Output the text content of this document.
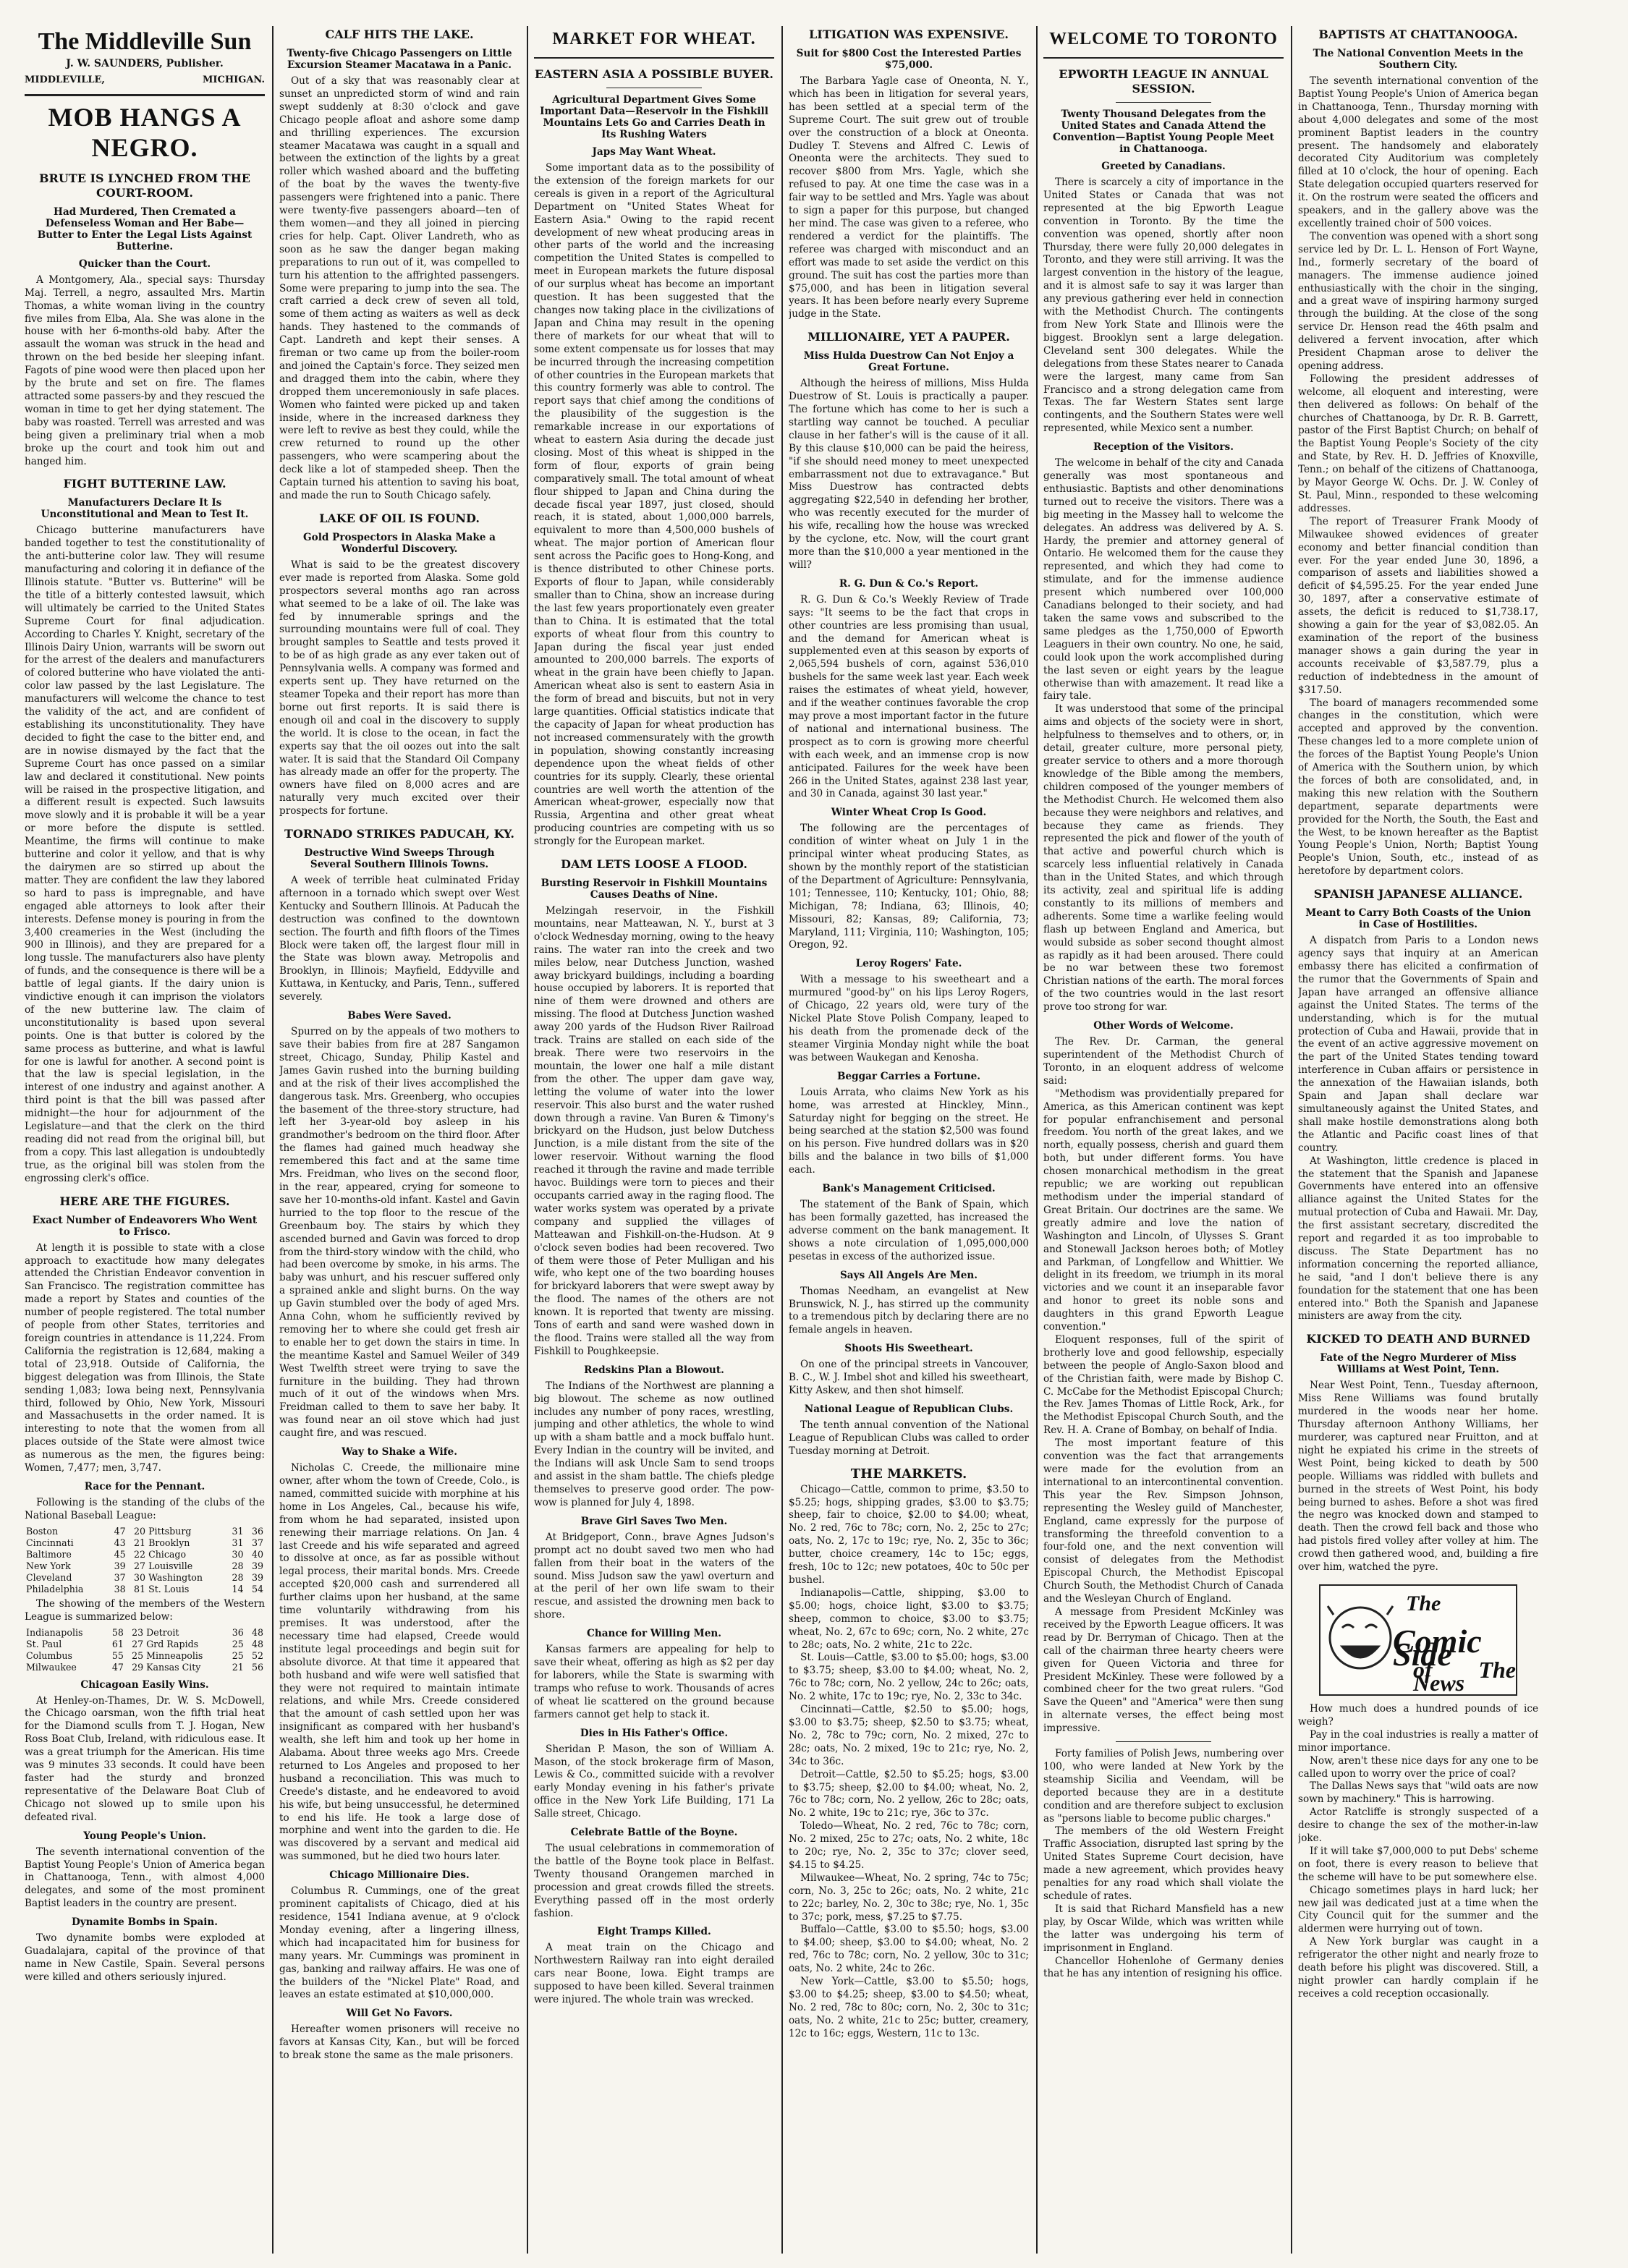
The Middleville Sun
J. W. SAUNDERS, Publisher.
MIDDLEVILLE,	MICHIGAN.
MOB HANGS A NEGRO.
BRUTE IS LYNCHED FROM THE COURT-ROOM.
Had Murdered, Then Cremated a Defenseless Woman and Her Babe—Butter to Enter the Legal Lists Against Butterine.
Quicker than the Court.

A Montgomery, Ala., special says: Thursday Maj. Terrell, a negro, assaulted Mrs. Martin Thomas, a white woman living in the country five miles from Elba, Ala. She was alone in the house with her 6-months-old baby. After the assault the woman was struck in the head and thrown on the bed beside her sleeping infant. Fagots of pine wood were then placed upon her by the brute and set on fire. The flames attracted some passers-by and they rescued the woman in time to get her dying statement. The baby was roasted. Terrell was arrested and was being given a preliminary trial when a mob broke up the court and took him out and hanged him.

FIGHT BUTTERINE LAW.
Manufacturers Declare It Is Unconstitutional and Mean to Test It.

Chicago butterine manufacturers have banded together to test the constitutionality of the anti-butterine color law. They will resume manufacturing and coloring it in defiance of the Illinois statute. "Butter vs. Butterine" will be the title of a bitterly contested lawsuit, which will ultimately be carried to the United States Supreme Court for final adjudication. According to Charles Y. Knight, secretary of the Illinois Dairy Union, warrants will be sworn out for the arrest of the dealers and manufacturers of colored butterine who have violated the anti-color law passed by the last Legislature. The manufacturers will welcome the chance to test the validity of the act, and are confident of establishing its unconstitutionality. They have decided to fight the case to the bitter end, and are in nowise dismayed by the fact that the Supreme Court has once passed on a similar law and declared it constitutional. New points will be raised in the prospective litigation, and a different result is expected. Such lawsuits move slowly and it is probable it will be a year or more before the dispute is settled. Meantime, the firms will continue to make butterine and color it yellow, and that is why the dairymen are so stirred up about the matter. They are confident the law they labored so hard to pass is impregnable, and have engaged able attorneys to look after their interests. Defense money is pouring in from the 3,400 creameries in the West (including the 900 in Illinois), and they are prepared for a long tussle. The manufacturers also have plenty of funds, and the consequence is there will be a battle of legal giants. If the dairy union is vindictive enough it can imprison the violators of the new butterine law. The claim of unconstitutionality is based upon several points. One is that butter is colored by the same process as butterine, and what is lawful for one is lawful for another. A second point is that the law is special legislation, in the interest of one industry and against another. A third point is that the bill was passed after midnight—the hour for adjournment of the Legislature—and that the clerk on the third reading did not read from the original bill, but from a copy. This last allegation is undoubtedly true, as the original bill was stolen from the engrossing clerk's office.

HERE ARE THE FIGURES.
Exact Number of Endeavorers Who Went to Frisco.

At length it is possible to state with a close approach to exactitude how many delegates attended the Christian Endeavor convention in San Francisco. The registration committee has made a report by States and counties of the number of people registered. The total number of people from other States, territories and foreign countries in attendance is 11,224. From California the registration is 12,684, making a total of 23,918. Outside of California, the biggest delegation was from Illinois, the State sending 1,083; Iowa being next, Pennsylvania third, followed by Ohio, New York, Missouri and Massachusetts in the order named. It is interesting to note that the women from all places outside of the State were almost twice as numerous as the men, the figures being: Women, 7,477; men, 3,747.

Race for the Pennant.

Following is the standing of the clubs of the National Baseball League:

Boston	47	20	Pittsburg	31	36
Cincinnati	43	21	Brooklyn	31	37
Baltimore	45	22	Chicago	30	40
New York	39	27	Louisville	28	39
Cleveland	37	30	Washington	28	39
Philadelphia	38	81	St. Louis	14	54

The showing of the members of the Western League is summarized below:

Indianapolis	58	23	Detroit	36	48
St. Paul	61	27	Grd Rapids	25	48
Columbus	55	25	Minneapolis	25	52
Milwaukee	47	29	Kansas City	21	56
Chicagoan Easily Wins.

At Henley-on-Thames, Dr. W. S. McDowell, the Chicago oarsman, won the fifth trial heat for the Diamond sculls from T. J. Hogan, New Ross Boat Club, Ireland, with ridiculous ease. It was a great triumph for the American. His time was 9 minutes 33 seconds. It could have been faster had the sturdy and bronzed representative of the Delaware Boat Club of Chicago not slowed up to smile upon his defeated rival.

Young People's Union.

The seventh international convention of the Baptist Young People's Union of America began in Chattanooga, Tenn., with almost 4,000 delegates, and some of the most prominent Baptist leaders in the country are present.

Dynamite Bombs in Spain.

Two dynamite bombs were exploded at Guadalajara, capital of the province of that name in New Castile, Spain. Several persons were killed and others seriously injured.

CALF HITS THE LAKE.
Twenty-five Chicago Passengers on Little Excursion Steamer Macatawa in a Panic.

Out of a sky that was reasonably clear at sunset an unpredicted storm of wind and rain swept suddenly at 8:30 o'clock and gave Chicago people afloat and ashore some damp and thrilling experiences. The excursion steamer Macatawa was caught in a squall and between the extinction of the lights by a great roller which washed aboard and the buffeting of the boat by the waves the twenty-five passengers were frightened into a panic. There were twenty-five passengers aboard—ten of them women—and they all joined in piercing cries for help. Capt. Oliver Landreth, who as soon as he saw the danger began making preparations to run out of it, was compelled to turn his attention to the affrighted passengers. Some were preparing to jump into the sea. The craft carried a deck crew of seven all told, some of them acting as waiters as well as deck hands. They hastened to the commands of Capt. Landreth and kept their senses. A fireman or two came up from the boiler-room and joined the Captain's force. They seized men and dragged them into the cabin, where they dropped them unceremoniously in safe places. Women who fainted were picked up and taken inside, where in the increased darkness they were left to revive as best they could, while the crew returned to round up the other passengers, who were scampering about the deck like a lot of stampeded sheep. Then the Captain turned his attention to saving his boat, and made the run to South Chicago safely.

LAKE OF OIL IS FOUND.
Gold Prospectors in Alaska Make a Wonderful Discovery.

What is said to be the greatest discovery ever made is reported from Alaska. Some gold prospectors several months ago ran across what seemed to be a lake of oil. The lake was fed by innumerable springs and the surrounding mountains were full of coal. They brought samples to Seattle and tests proved it to be of as high grade as any ever taken out of Pennsylvania wells. A company was formed and experts sent up. They have returned on the steamer Topeka and their report has more than borne out first reports. It is said there is enough oil and coal in the discovery to supply the world. It is close to the ocean, in fact the experts say that the oil oozes out into the salt water. It is said that the Standard Oil Company has already made an offer for the property. The owners have filed on 8,000 acres and are naturally very much excited over their prospects for fortune.

TORNADO STRIKES PADUCAH, KY.
Destructive Wind Sweeps Through Several Southern Illinois Towns.

A week of terrible heat culminated Friday afternoon in a tornado which swept over West Kentucky and Southern Illinois. At Paducah the destruction was confined to the downtown section. The fourth and fifth floors of the Times Block were taken off, the largest flour mill in the State was blown away. Metropolis and Brooklyn, in Illinois; Mayfield, Eddyville and Kuttawa, in Kentucky, and Paris, Tenn., suffered severely.

Babes Were Saved.

Spurred on by the appeals of two mothers to save their babies from fire at 287 Sangamon street, Chicago, Sunday, Philip Kastel and James Gavin rushed into the burning building and at the risk of their lives accomplished the dangerous task. Mrs. Greenberg, who occupies the basement of the three-story structure, had left her 3-year-old boy asleep in his grandmother's bedroom on the third floor. After the flames had gained much headway she remembered this fact and at the same time Mrs. Freidman, who lives on the second floor, in the rear, appeared, crying for someone to save her 10-months-old infant. Kastel and Gavin hurried to the top floor to the rescue of the Greenbaum boy. The stairs by which they ascended burned and Gavin was forced to drop from the third-story window with the child, who had been overcome by smoke, in his arms. The baby was unhurt, and his rescuer suffered only a sprained ankle and slight burns. On the way up Gavin stumbled over the body of aged Mrs. Anna Cohn, whom he sufficiently revived by removing her to where she could get fresh air to enable her to get down the stairs in time. In the meantime Kastel and Samuel Weiler of 349 West Twelfth street were trying to save the furniture in the building. They had thrown much of it out of the windows when Mrs. Freidman called to them to save her baby. It was found near an oil stove which had just caught fire, and was rescued.

Way to Shake a Wife.

Nicholas C. Creede, the millionaire mine owner, after whom the town of Creede, Colo., is named, committed suicide with morphine at his home in Los Angeles, Cal., because his wife, from whom he had separated, insisted upon renewing their marriage relations. On Jan. 4 last Creede and his wife separated and agreed to dissolve at once, as far as possible without legal process, their marital bonds. Mrs. Creede accepted $20,000 cash and surrendered all further claims upon her husband, at the same time voluntarily withdrawing from his premises. It was understood, after the necessary time had elapsed, Creede would institute legal proceedings and begin suit for absolute divorce. At that time it appeared that both husband and wife were well satisfied that they were not required to maintain intimate relations, and while Mrs. Creede considered that the amount of cash settled upon her was insignificant as compared with her husband's wealth, she left him and took up her home in Alabama. About three weeks ago Mrs. Creede returned to Los Angeles and proposed to her husband a reconciliation. This was much to Creede's distaste, and he endeavored to avoid his wife, but being unsuccessful, he determined to end his life. He took a large dose of morphine and went into the garden to die. He was discovered by a servant and medical aid was summoned, but he died two hours later.

Chicago Millionaire Dies.

Columbus R. Cummings, one of the great prominent capitalists of Chicago, died at his residence, 1541 Indiana avenue, at 9 o'clock Monday evening, after a lingering illness, which had incapacitated him for business for many years. Mr. Cummings was prominent in gas, banking and railway affairs. He was one of the builders of the "Nickel Plate" Road, and leaves an estate estimated at $10,000,000.

Will Get No Favors.

Hereafter women prisoners will receive no favors at Kansas City, Kan., but will be forced to break stone the same as the male prisoners.

MARKET FOR WHEAT.
EASTERN ASIA A POSSIBLE BUYER.
Agricultural Department Gives Some Important Data—Reservoir in the Fishkill Mountains Lets Go and Carries Death in Its Rushing Waters
Japs May Want Wheat.

Some important data as to the possibility of the extension of the foreign markets for our cereals is given in a report of the Agricultural Department on "United States Wheat for Eastern Asia." Owing to the rapid recent development of new wheat producing areas in other parts of the world and the increasing competition the United States is compelled to meet in European markets the future disposal of our surplus wheat has become an important question. It has been suggested that the changes now taking place in the civilizations of Japan and China may result in the opening there of markets for our wheat that will to some extent compensate us for losses that may be incurred through the increasing competition of other countries in the European markets that this country formerly was able to control. The report says that chief among the conditions of the plausibility of the suggestion is the remarkable increase in our exportations of wheat to eastern Asia during the decade just closing. Most of this wheat is shipped in the form of flour, exports of grain being comparatively small. The total amount of wheat flour shipped to Japan and China during the decade fiscal year 1897, just closed, should reach, it is stated, about 1,000,000 barrels, equivalent to more than 4,500,000 bushels of wheat. The major portion of American flour sent across the Pacific goes to Hong-Kong, and is thence distributed to other Chinese ports. Exports of flour to Japan, while considerably smaller than to China, show an increase during the last few years proportionately even greater than to China. It is estimated that the total exports of wheat flour from this country to Japan during the fiscal year just ended amounted to 200,000 barrels. The exports of wheat in the grain have been chiefly to Japan. American wheat also is sent to eastern Asia in the form of bread and biscuits, but not in very large quantities. Official statistics indicate that the capacity of Japan for wheat production has not increased commensurately with the growth in population, showing constantly increasing dependence upon the wheat fields of other countries for its supply. Clearly, these oriental countries are well worth the attention of the American wheat-grower, especially now that Russia, Argentina and other great wheat producing countries are competing with us so strongly for the European market.

DAM LETS LOOSE A FLOOD.
Bursting Reservoir in Fishkill Mountains Causes Deaths of Nine.

Melzingah reservoir, in the Fishkill mountains, near Matteawan, N. Y., burst at 3 o'clock Wednesday morning, owing to the heavy rains. The water ran into the creek and two miles below, near Dutchess Junction, washed away brickyard buildings, including a boarding house occupied by laborers. It is reported that nine of them were drowned and others are missing. The flood at Dutchess Junction washed away 200 yards of the Hudson River Railroad track. Trains are stalled on each side of the break. There were two reservoirs in the mountain, the lower one half a mile distant from the other. The upper dam gave way, letting the volume of water into the lower reservoir. This also burst and the water rushed down through a ravine. Van Buren & Timony's brickyard on the Hudson, just below Dutchess Junction, is a mile distant from the site of the lower reservoir. Without warning the flood reached it through the ravine and made terrible havoc. Buildings were torn to pieces and their occupants carried away in the raging flood. The water works system was operated by a private company and supplied the villages of Matteawan and Fishkill-on-the-Hudson. At 9 o'clock seven bodies had been recovered. Two of them were those of Peter Mulligan and his wife, who kept one of the two boarding houses for brickyard laborers that were swept away by the flood. The names of the others are not known. It is reported that twenty are missing. Tons of earth and sand were washed down in the flood. Trains were stalled all the way from Fishkill to Poughkeepsie.

Redskins Plan a Blowout.

The Indians of the Northwest are planning a big blowout. The scheme as now outlined includes any number of pony races, wrestling, jumping and other athletics, the whole to wind up with a sham battle and a mock buffalo hunt. Every Indian in the country will be invited, and the Indians will ask Uncle Sam to send troops and assist in the sham battle. The chiefs pledge themselves to preserve good order. The pow-wow is planned for July 4, 1898.

Brave Girl Saves Two Men.

At Bridgeport, Conn., brave Agnes Judson's prompt act no doubt saved two men who had fallen from their boat in the waters of the sound. Miss Judson saw the yawl overturn and at the peril of her own life swam to their rescue, and assisted the drowning men back to shore.

Chance for Willing Men.

Kansas farmers are appealing for help to save their wheat, offering as high as $2 per day for laborers, while the State is swarming with tramps who refuse to work. Thousands of acres of wheat lie scattered on the ground because farmers cannot get help to stack it.

Dies in His Father's Office.

Sheridan P. Mason, the son of William A. Mason, of the stock brokerage firm of Mason, Lewis & Co., committed suicide with a revolver early Monday evening in his father's private office in the New York Life Building, 171 La Salle street, Chicago.

Celebrate Battle of the Boyne.

The usual celebrations in commemoration of the battle of the Boyne took place in Belfast. Twenty thousand Orangemen marched in procession and great crowds filled the streets. Everything passed off in the most orderly fashion.

Eight Tramps Killed.

A meat train on the Chicago and Northwestern Railway ran into eight derailed cars near Boone, Iowa. Eight tramps are supposed to have been killed. Several trainmen were injured. The whole train was wrecked.

LITIGATION WAS EXPENSIVE.
Suit for $800 Cost the Interested Parties $75,000.

The Barbara Yagle case of Oneonta, N. Y., which has been in litigation for several years, has been settled at a special term of the Supreme Court. The suit grew out of trouble over the construction of a block at Oneonta. Dudley T. Stevens and Alfred C. Lewis of Oneonta were the architects. They sued to recover $800 from Mrs. Yagle, which she refused to pay. At one time the case was in a fair way to be settled and Mrs. Yagle was about to sign a paper for this purpose, but changed her mind. The case was given to a referee, who rendered a verdict for the plaintiffs. The referee was charged with misconduct and an effort was made to set aside the verdict on this ground. The suit has cost the parties more than $75,000, and has been in litigation several years. It has been before nearly every Supreme judge in the State.

MILLIONAIRE, YET A PAUPER.
Miss Hulda Duestrow Can Not Enjoy a Great Fortune.

Although the heiress of millions, Miss Hulda Duestrow of St. Louis is practically a pauper. The fortune which has come to her is such a startling way cannot be touched. A peculiar clause in her father's will is the cause of it all. By this clause $10,000 can be paid the heiress, "if she should need money to meet unexpected embarrassment not due to extravagance." But Miss Duestrow has contracted debts aggregating $22,540 in defending her brother, who was recently executed for the murder of his wife, recalling how the house was wrecked by the cyclone, etc. Now, will the court grant more than the $10,000 a year mentioned in the will?

R. G. Dun & Co.'s Report.

R. G. Dun & Co.'s Weekly Review of Trade says: "It seems to be the fact that crops in other countries are less promising than usual, and the demand for American wheat is supplemented even at this season by exports of 2,065,594 bushels of corn, against 536,010 bushels for the same week last year. Each week raises the estimates of wheat yield, however, and if the weather continues favorable the crop may prove a most important factor in the future of national and international business. The prospect as to corn is growing more cheerful with each week, and an immense crop is now anticipated. Failures for the week have been 266 in the United States, against 238 last year, and 30 in Canada, against 30 last year."

Winter Wheat Crop Is Good.

The following are the percentages of condition of winter wheat on July 1 in the principal winter wheat producing States, as shown by the monthly report of the statistician of the Department of Agriculture: Pennsylvania, 101; Tennessee, 110; Kentucky, 101; Ohio, 88; Michigan, 78; Indiana, 63; Illinois, 40; Missouri, 82; Kansas, 89; California, 73; Maryland, 111; Virginia, 110; Washington, 105; Oregon, 92.

Leroy Rogers' Fate.

With a message to his sweetheart and a murmured "good-by" on his lips Leroy Rogers, of Chicago, 22 years old, were tury of the Nickel Plate Stove Polish Company, leaped to his death from the promenade deck of the steamer Virginia Monday night while the boat was between Waukegan and Kenosha.

Beggar Carries a Fortune.

Louis Arrata, who claims New York as his home, was arrested at Hinckley, Minn., Saturday night for begging on the street. He being searched at the station $2,500 was found on his person. Five hundred dollars was in $20 bills and the balance in two bills of $1,000 each.

Bank's Management Criticised.

The statement of the Bank of Spain, which has been formally gazetted, has increased the adverse comment on the bank management. It shows a note circulation of 1,095,000,000 pesetas in excess of the authorized issue.

Says All Angels Are Men.

Thomas Needham, an evangelist at New Brunswick, N. J., has stirred up the community to a tremendous pitch by declaring there are no female angels in heaven.

Shoots His Sweetheart.

On one of the principal streets in Vancouver, B. C., W. J. Imbel shot and killed his sweetheart, Kitty Askew, and then shot himself.

National League of Republican Clubs.

The tenth annual convention of the National League of Republican Clubs was called to order Tuesday morning at Detroit.

THE MARKETS.

Chicago—Cattle, common to prime, $3.50 to $5.25; hogs, shipping grades, $3.00 to $3.75; sheep, fair to choice, $2.00 to $4.00; wheat, No. 2 red, 76c to 78c; corn, No. 2, 25c to 27c; oats, No. 2, 17c to 19c; rye, No. 2, 35c to 36c; butter, choice creamery, 14c to 15c; eggs, fresh, 10c to 12c; new potatoes, 40c to 50c per bushel.

Indianapolis—Cattle, shipping, $3.00 to $5.00; hogs, choice light, $3.00 to $3.75; sheep, common to choice, $3.00 to $3.75; wheat, No. 2, 67c to 69c; corn, No. 2 white, 27c to 28c; oats, No. 2 white, 21c to 22c.

St. Louis—Cattle, $3.00 to $5.00; hogs, $3.00 to $3.75; sheep, $3.00 to $4.00; wheat, No. 2, 76c to 78c; corn, No. 2 yellow, 24c to 26c; oats, No. 2 white, 17c to 19c; rye, No. 2, 33c to 34c.

Cincinnati—Cattle, $2.50 to $5.00; hogs, $3.00 to $3.75; sheep, $2.50 to $3.75; wheat, No. 2, 78c to 79c; corn, No. 2 mixed, 27c to 28c; oats, No. 2 mixed, 19c to 21c; rye, No. 2, 34c to 36c.

Detroit—Cattle, $2.50 to $5.25; hogs, $3.00 to $3.75; sheep, $2.00 to $4.00; wheat, No. 2, 76c to 78c; corn, No. 2 yellow, 26c to 28c; oats, No. 2 white, 19c to 21c; rye, 36c to 37c.

Toledo—Wheat, No. 2 red, 76c to 78c; corn, No. 2 mixed, 25c to 27c; oats, No. 2 white, 18c to 20c; rye, No. 2, 35c to 37c; clover seed, $4.15 to $4.25.

Milwaukee—Wheat, No. 2 spring, 74c to 75c; corn, No. 3, 25c to 26c; oats, No. 2 white, 21c to 22c; barley, No. 2, 30c to 38c; rye, No. 1, 35c to 37c; pork, mess, $7.25 to $7.75.

Buffalo—Cattle, $3.00 to $5.50; hogs, $3.00 to $4.00; sheep, $3.00 to $4.00; wheat, No. 2 red, 76c to 78c; corn, No. 2 yellow, 30c to 31c; oats, No. 2 white, 24c to 26c.

New York—Cattle, $3.00 to $5.50; hogs, $3.00 to $4.25; sheep, $3.00 to $4.50; wheat, No. 2 red, 78c to 80c; corn, No. 2, 30c to 31c; oats, No. 2 white, 21c to 25c; butter, creamery, 12c to 16c; eggs, Western, 11c to 13c.

WELCOME TO TORONTO
EPWORTH LEAGUE IN ANNUAL SESSION.
Twenty Thousand Delegates from the United States and Canada Attend the Convention—Baptist Young People Meet in Chattanooga.
Greeted by Canadians.

There is scarcely a city of importance in the United States or Canada that was not represented at the big Epworth League convention in Toronto. By the time the convention was opened, shortly after noon Thursday, there were fully 20,000 delegates in Toronto, and they were still arriving. It was the largest convention in the history of the league, and it is almost safe to say it was larger than any previous gathering ever held in connection with the Methodist Church. The contingents from New York State and Illinois were the biggest. Brooklyn sent a large delegation. Cleveland sent 300 delegates. While the delegations from these States nearer to Canada were the largest, many came from San Francisco and a strong delegation came from Texas. The far Western States sent large contingents, and the Southern States were well represented, while Mexico sent a number.

Reception of the Visitors.

The welcome in behalf of the city and Canada generally was most spontaneous and enthusiastic. Baptists and other denominations turned out to receive the visitors. There was a big meeting in the Massey hall to welcome the delegates. An address was delivered by A. S. Hardy, the premier and attorney general of Ontario. He welcomed them for the cause they represented, and which they had come to stimulate, and for the immense audience present which numbered over 100,000 Canadians belonged to their society, and had taken the same vows and subscribed to the same pledges as the 1,750,000 of Epworth Leaguers in their own country. No one, he said, could look upon the work accomplished during the last seven or eight years by the league otherwise than with amazement. It read like a fairy tale.

It was understood that some of the principal aims and objects of the society were in short, helpfulness to themselves and to others, or, in detail, greater culture, more personal piety, greater service to others and a more thorough knowledge of the Bible among the members, children composed of the younger members of the Methodist Church. He welcomed them also because they were neighbors and relatives, and because they came as friends. They represented the pick and flower of the youth of that active and powerful church which is scarcely less influential relatively in Canada than in the United States, and which through its activity, zeal and spiritual life is adding constantly to its millions of members and adherents. Some time a warlike feeling would flash up between England and America, but would subside as sober second thought almost as rapidly as it had been aroused. There could be no war between these two foremost Christian nations of the earth. The moral forces of the two countries would in the last resort prove too strong for war.

Other Words of Welcome.

The Rev. Dr. Carman, the general superintendent of the Methodist Church of Toronto, in an eloquent address of welcome said:

"Methodism was providentially prepared for America, as this American continent was kept for popular enfranchisement and personal freedom. You north of the great lakes, and we north, equally possess, cherish and guard them both, but under different forms. You have chosen monarchical methodism in the great republic; we are working out republican methodism under the imperial standard of Great Britain. Our doctrines are the same. We greatly admire and love the nation of Washington and Lincoln, of Ulysses S. Grant and Stonewall Jackson heroes both; of Motley and Parkman, of Longfellow and Whittier. We delight in its freedom, we triumph in its moral victories and we count it an inseparable favor and honor to greet its noble sons and daughters in this grand Epworth League convention."

Eloquent responses, full of the spirit of brotherly love and good fellowship, especially between the people of Anglo-Saxon blood and of the Christian faith, were made by Bishop C. C. McCabe for the Methodist Episcopal Church; the Rev. James Thomas of Little Rock, Ark., for the Methodist Episcopal Church South, and the Rev. H. A. Crane of Bombay, on behalf of India.

The most important feature of this convention was the fact that arrangements were made for the evolution from an international to an intercontinental convention. This year the Rev. Simpson Johnson, representing the Wesley guild of Manchester, England, came expressly for the purpose of transforming the threefold convention to a four-fold one, and the next convention will consist of delegates from the Methodist Episcopal Church, the Methodist Episcopal Church South, the Methodist Church of Canada and the Wesleyan Church of England.

A message from President McKinley was received by the Epworth League officers. It was read by Dr. Berryman of Chicago. Then at the call of the chairman three hearty cheers were given for Queen Victoria and three for President McKinley. These were followed by a combined cheer for the two great rulers. "God Save the Queen" and "America" were then sung in alternate verses, the effect being most impressive.

Forty families of Polish Jews, numbering over 100, who were landed at New York by the steamship Sicilia and Veendam, will be deported because they are in a destitute condition and are therefore subject to exclusion as "persons liable to become public charges."

The members of the old Western Freight Traffic Association, disrupted last spring by the United States Supreme Court decision, have made a new agreement, which provides heavy penalties for any road which shall violate the schedule of rates.

It is said that Richard Mansfield has a new play, by Oscar Wilde, which was written while the latter was undergoing his term of imprisonment in England.

Chancellor Hohenlohe of Germany denies that he has any intention of resigning his office.

BAPTISTS AT CHATTANOOGA.
The National Convention Meets in the Southern City.

The seventh international convention of the Baptist Young People's Union of America began in Chattanooga, Tenn., Thursday morning with about 4,000 delegates and some of the most prominent Baptist leaders in the country present. The handsomely and elaborately decorated City Auditorium was completely filled at 10 o'clock, the hour of opening. Each State delegation occupied quarters reserved for it. On the rostrum were seated the officers and speakers, and in the gallery above was the excellently trained choir of 500 voices.

The convention was opened with a short song service led by Dr. L. L. Henson of Fort Wayne, Ind., formerly secretary of the board of managers. The immense audience joined enthusiastically with the choir in the singing, and a great wave of inspiring harmony surged through the building. At the close of the song service Dr. Henson read the 46th psalm and delivered a fervent invocation, after which President Chapman arose to deliver the opening address.

Following the president addresses of welcome, all eloquent and interesting, were then delivered as follows: On behalf of the churches of Chattanooga, by Dr. R. B. Garrett, pastor of the First Baptist Church; on behalf of the Baptist Young People's Society of the city and State, by Rev. H. D. Jeffries of Knoxville, Tenn.; on behalf of the citizens of Chattanooga, by Mayor George W. Ochs. Dr. J. W. Conley of St. Paul, Minn., responded to these welcoming addresses.

The report of Treasurer Frank Moody of Milwaukee showed evidences of greater economy and better financial condition than ever. For the year ended June 30, 1896, a comparison of assets and liabilities showed a deficit of $4,595.25. For the year ended June 30, 1897, after a conservative estimate of assets, the deficit is reduced to $1,738.17, showing a gain for the year of $3,082.05. An examination of the report of the business manager shows a gain during the year in accounts receivable of $3,587.79, plus a reduction of indebtedness in the amount of $317.50.

The board of managers recommended some changes in the constitution, which were accepted and approved by the convention. These changes led to a more complete union of the forces of the Baptist Young People's Union of America with the Southern union, by which the forces of both are consolidated, and, in making this new relation with the Southern department, separate departments were provided for the North, the South, the East and the West, to be known hereafter as the Baptist Young People's Union, North; Baptist Young People's Union, South, etc., instead of as heretofore by department colors.

SPANISH JAPANESE ALLIANCE.
Meant to Carry Both Coasts of the Union in Case of Hostilities.

A dispatch from Paris to a London news agency says that inquiry at an American embassy there has elicited a confirmation of the rumor that the Governments of Spain and Japan have arranged an offensive alliance against the United States. The terms of the understanding, which is for the mutual protection of Cuba and Hawaii, provide that in the event of an active aggressive movement on the part of the United States tending toward interference in Cuban affairs or persistence in the annexation of the Hawaiian islands, both Spain and Japan shall declare war simultaneously against the United States, and shall make hostile demonstrations along both the Atlantic and Pacific coast lines of that country.

At Washington, little credence is placed in the statement that the Spanish and Japanese Governments have entered into an offensive alliance against the United States for the mutual protection of Cuba and Hawaii. Mr. Day, the first assistant secretary, discredited the report and regarded it as too improbable to discuss. The State Department has no information concerning the reported alliance, he said, "and I don't believe there is any foundation for the statement that one has been entered into." Both the Spanish and Japanese ministers are away from the city.

KICKED TO DEATH AND BURNED
Fate of the Negro Murderer of Miss Williams at West Point, Tenn.

Near West Point, Tenn., Tuesday afternoon, Miss Rene Williams was found brutally murdered in the woods near her home. Thursday afternoon Anthony Williams, her murderer, was captured near Fruitton, and at night he expiated his crime in the streets of West Point, being kicked to death by 500 people. Williams was riddled with bullets and burned in the streets of West Point, his body being burned to ashes. Before a shot was fired the negro was knocked down and stamped to death. Then the crowd fell back and those who had pistols fired volley after volley at him. The crowd then gathered wood, and, building a fire over him, watched the pyre.

The
Comic Side
of The News

How much does a hundred pounds of ice weigh?

Pay in the coal industries is really a matter of minor importance.

Now, aren't these nice days for any one to be called upon to worry over the price of coal?

The Dallas News says that "wild oats are now sown by machinery." This is harrowing.

Actor Ratcliffe is strongly suspected of a desire to change the sex of the mother-in-law joke.

If it will take $7,000,000 to put Debs' scheme on foot, there is every reason to believe that the scheme will have to be put somewhere else.

Chicago sometimes plays in hard luck; her new jail was dedicated just at a time when the City Council quit for the summer and the aldermen were hurrying out of town.

A New York burglar was caught in a refrigerator the other night and nearly froze to death before his plight was discovered. Still, a night prowler can hardly complain if he receives a cold reception occasionally.
